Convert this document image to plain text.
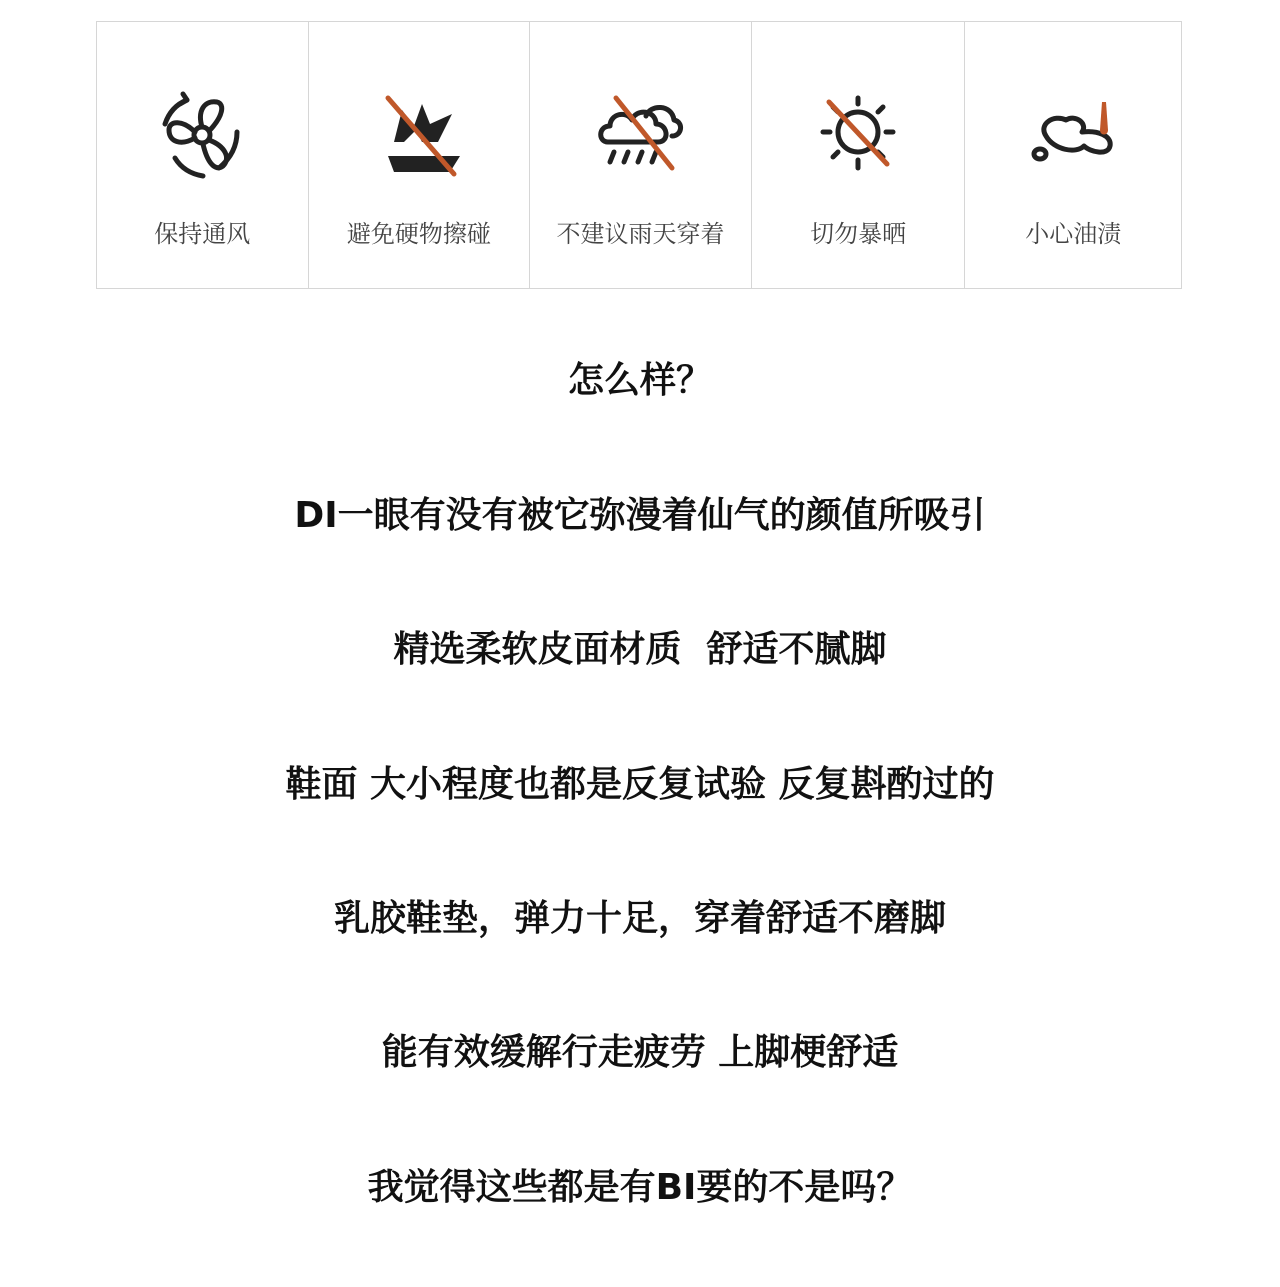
保持通风	避免硬物擦碰	不建议雨天穿着	切勿暴晒	小心油渍
怎么样？
DI一眼有没有被它弥漫着仙气的颜值所吸引
精选柔软皮面材质  舒适不腻脚
鞋面 大小程度也都是反复试验 反复斟酌过的
乳胶鞋垫，弹力十足，穿着舒适不磨脚
能有效缓解行走疲劳 上脚梗舒适
我觉得这些都是有BI要的不是吗？
